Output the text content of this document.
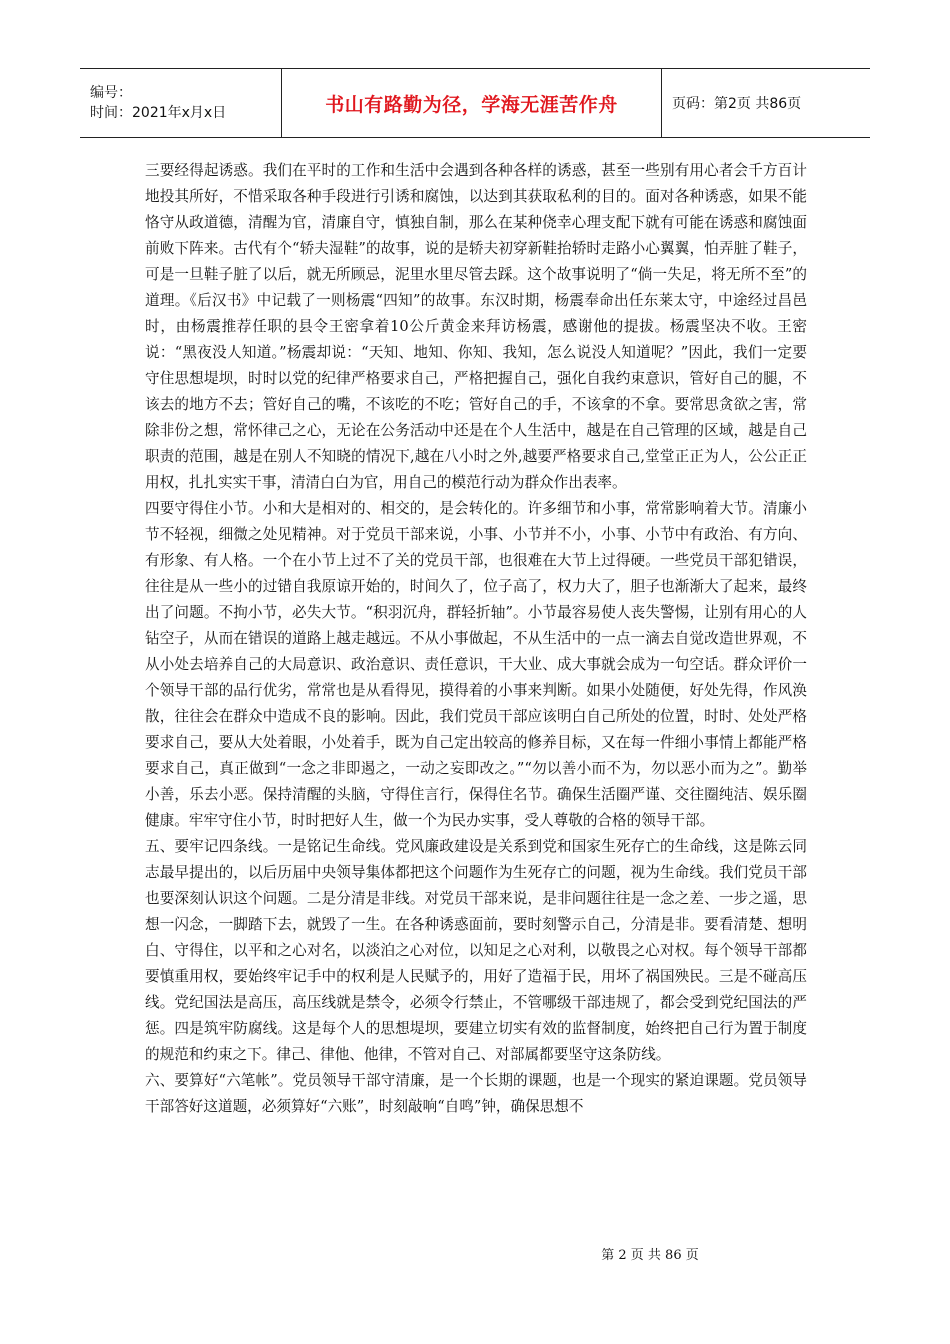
编号：
时间：2021年x月x日	书山有路勤为径，学海无涯苦作舟	页码：第2页 共86页

三要经得起诱惑。我们在平时的工作和生活中会遇到各种各样的诱惑，甚至一些别有用心者会千方百计地投其所好，不惜采取各种手段进行引诱和腐蚀，以达到其获取私利的目的。面对各种诱惑，如果不能恪守从政道德，清醒为官，清廉自守，慎独自制，那么在某种侥幸心理支配下就有可能在诱惑和腐蚀面前败下阵来。古代有个“轿夫湿鞋”的故事，说的是轿夫初穿新鞋抬轿时走路小心翼翼，怕弄脏了鞋子，可是一旦鞋子脏了以后，就无所顾忌，泥里水里尽管去踩。这个故事说明了“倘一失足，将无所不至”的道理。《后汉书》中记载了一则杨震“四知”的故事。东汉时期，杨震奉命出任东莱太守，中途经过昌邑时，由杨震推荐任职的县令王密拿着10公斤黄金来拜访杨震，感谢他的提拔。杨震坚决不收。王密说：“黑夜没人知道。”杨震却说：“天知、地知、你知、我知，怎么说没人知道呢？”因此，我们一定要守住思想堤坝，时时以党的纪律严格要求自己，严格把握自己，强化自我约束意识，管好自己的腿，不该去的地方不去；管好自己的嘴，不该吃的不吃；管好自己的手，不该拿的不拿。要常思贪欲之害，常除非份之想，常怀律己之心，无论在公务活动中还是在个人生活中，越是在自己管理的区域，越是自己职责的范围，越是在别人不知晓的情况下,越在八小时之外,越要严格要求自己,堂堂正正为人，公公正正用权，扎扎实实干事，清清白白为官，用自己的模范行动为群众作出表率。

四要守得住小节。小和大是相对的、相交的，是会转化的。许多细节和小事，常常影响着大节。清廉小节不轻视，细微之处见精神。对于党员干部来说，小事、小节并不小，小事、小节中有政治、有方向、有形象、有人格。一个在小节上过不了关的党员干部，也很难在大节上过得硬。一些党员干部犯错误，往往是从一些小的过错自我原谅开始的，时间久了，位子高了，权力大了，胆子也渐渐大了起来，最终出了问题。不拘小节，必失大节。“积羽沉舟，群轻折轴”。小节最容易使人丧失警惕，让别有用心的人钻空子，从而在错误的道路上越走越远。不从小事做起，不从生活中的一点一滴去自觉改造世界观，不从小处去培养自己的大局意识、政治意识、责任意识，干大业、成大事就会成为一句空话。群众评价一个领导干部的品行优劣，常常也是从看得见，摸得着的小事来判断。如果小处随便，好处先得，作风涣散，往往会在群众中造成不良的影响。因此，我们党员干部应该明白自己所处的位置，时时、处处严格要求自己，要从大处着眼，小处着手，既为自己定出较高的修养目标，又在每一件细小事情上都能严格要求自己，真正做到“一念之非即遏之，一动之妄即改之。”“勿以善小而不为，勿以恶小而为之”。勤举小善，乐去小恶。保持清醒的头脑，守得住言行，保得住名节。确保生活圈严谨、交往圈纯洁、娱乐圈健康。牢牢守住小节，时时把好人生，做一个为民办实事，受人尊敬的合格的领导干部。

五、要牢记四条线。一是铭记生命线。党风廉政建设是关系到党和国家生死存亡的生命线，这是陈云同志最早提出的，以后历届中央领导集体都把这个问题作为生死存亡的问题，视为生命线。我们党员干部也要深刻认识这个问题。二是分清是非线。对党员干部来说，是非问题往往是一念之差、一步之遥，思想一闪念，一脚踏下去，就毁了一生。在各种诱惑面前，要时刻警示自己，分清是非。要看清楚、想明白、守得住，以平和之心对名，以淡泊之心对位，以知足之心对利，以敬畏之心对权。每个领导干部都要慎重用权，要始终牢记手中的权利是人民赋予的，用好了造福于民，用坏了祸国殃民。三是不碰高压线。党纪国法是高压，高压线就是禁令，必须令行禁止，不管哪级干部违规了，都会受到党纪国法的严惩。四是筑牢防腐线。这是每个人的思想堤坝，要建立切实有效的监督制度，始终把自己行为置于制度的规范和约束之下。律己、律他、他律，不管对自己、对部属都要坚守这条防线。

六、要算好“六笔帐”。党员领导干部守清廉，是一个长期的课题，也是一个现实的紧迫课题。党员领导干部答好这道题，必须算好“六账”，时刻敲响“自鸣”钟，确保思想不

第 2 页 共 86 页
